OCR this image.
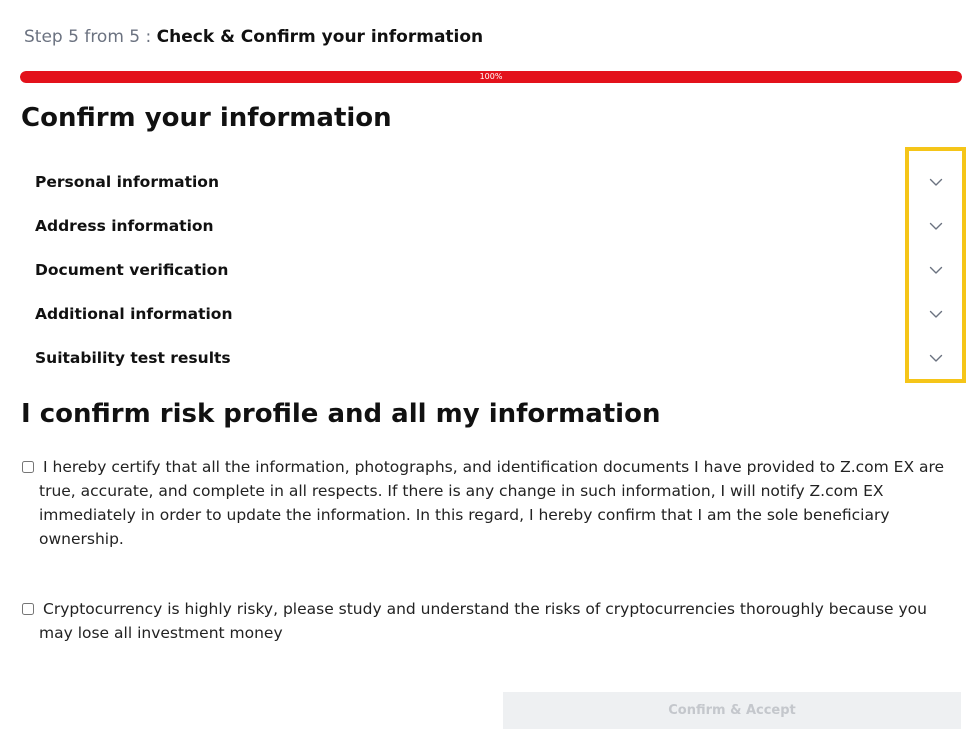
Step 5 from 5 : Check & Confirm your information
100%
Confirm your information
Personal information
Address information
Document verification
Additional information
Suitability test results
I confirm risk profile and all my information
I hereby certify that all the information, photographs, and identification documents I have provided to Z.com EX are true, accurate, and complete in all respects. If there is any change in such information, I will notify Z.com EX immediately in order to update the information. In this regard, I hereby confirm that I am the sole beneficiary ownership.
Cryptocurrency is highly risky, please study and understand the risks of cryptocurrencies thoroughly because you may lose all investment money
Confirm & Accept
